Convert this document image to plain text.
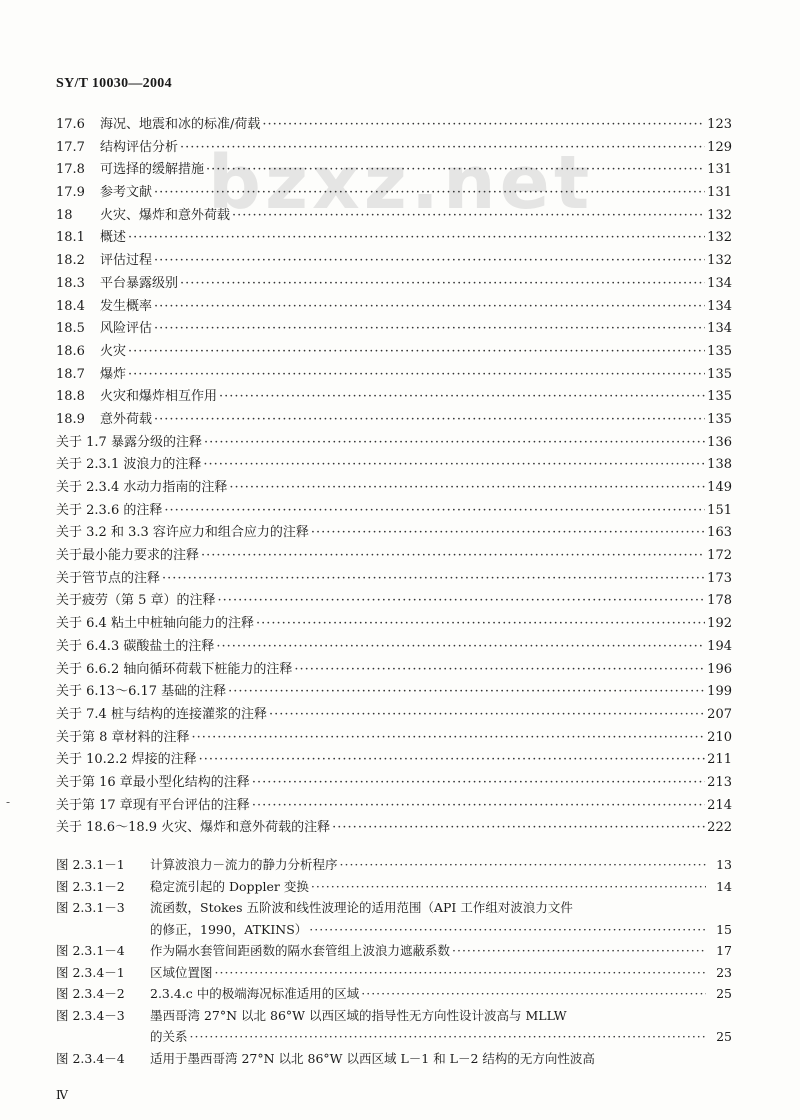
SY/T 10030—2004
bzxz.net
-
17.6	海况、地震和冰的标准/荷载 ·····	123
17.7	结构评估分析 ·····	129
17.8	可选择的缓解措施 ·····	131
17.9	参考文献 ·····	131
18	火灾、爆炸和意外荷载 ·····	132
18.1	概述 ·····	132
18.2	评估过程 ·····	132
18.3	平台暴露级别 ·····	134
18.4	发生概率 ·····	134
18.5	风险评估 ·····	134
18.6	火灾 ·····	135
18.7	爆炸 ·····	135
18.8	火灾和爆炸相互作用 ·····	135
18.9	意外荷载 ·····	135
关于 1.7 暴露分级的注释 ·····	136
关于 2.3.1 波浪力的注释 ·····	138
关于 2.3.4 水动力指南的注释 ·····	149
关于 2.3.6 的注释 ·····	151
关于 3.2 和 3.3 容许应力和组合应力的注释 ·····	163
关于最小能力要求的注释 ·····	172
关于管节点的注释 ·····	173
关于疲劳（第 5 章）的注释 ·····	178
关于 6.4 粘土中桩轴向能力的注释 ·····	192
关于 6.4.3 碳酸盐土的注释 ·····	194
关于 6.6.2 轴向循环荷载下桩能力的注释 ·····	196
关于 6.13～6.17 基础的注释 ·····	199
关于 7.4 桩与结构的连接灌浆的注释 ·····	207
关于第 8 章材料的注释 ·····	210
关于 10.2.2 焊接的注释 ·····	211
关于第 16 章最小型化结构的注释 ·····	213
关于第 17 章现有平台评估的注释 ·····	214
关于 18.6～18.9 火灾、爆炸和意外荷载的注释 ·····	222
图 2.3.1－1	计算波浪力－流力的静力分析程序 ·····	13
图 2.3.1－2	稳定流引起的 Doppler 变换 ·····	14
图 2.3.1－3	流函数，Stokes 五阶波和线性波理论的适用范围（API 工作组对波浪力文件
的修正，1990，ATKINS） ·····	15
图 2.3.1－4	作为隔水套管间距函数的隔水套管组上波浪力遮蔽系数 ·····	17
图 2.3.4－1	区域位置图 ·····	23
图 2.3.4－2	2.3.4.c 中的极端海况标准适用的区域 ·····	25
图 2.3.4－3	墨西哥湾 27°N 以北 86°W 以西区域的指导性无方向性设计波高与 MLLW
的关系 ·····	25
图 2.3.4－4	适用于墨西哥湾 27°N 以北 86°W 以西区域 L－1 和 L－2 结构的无方向性波高
Ⅳ
